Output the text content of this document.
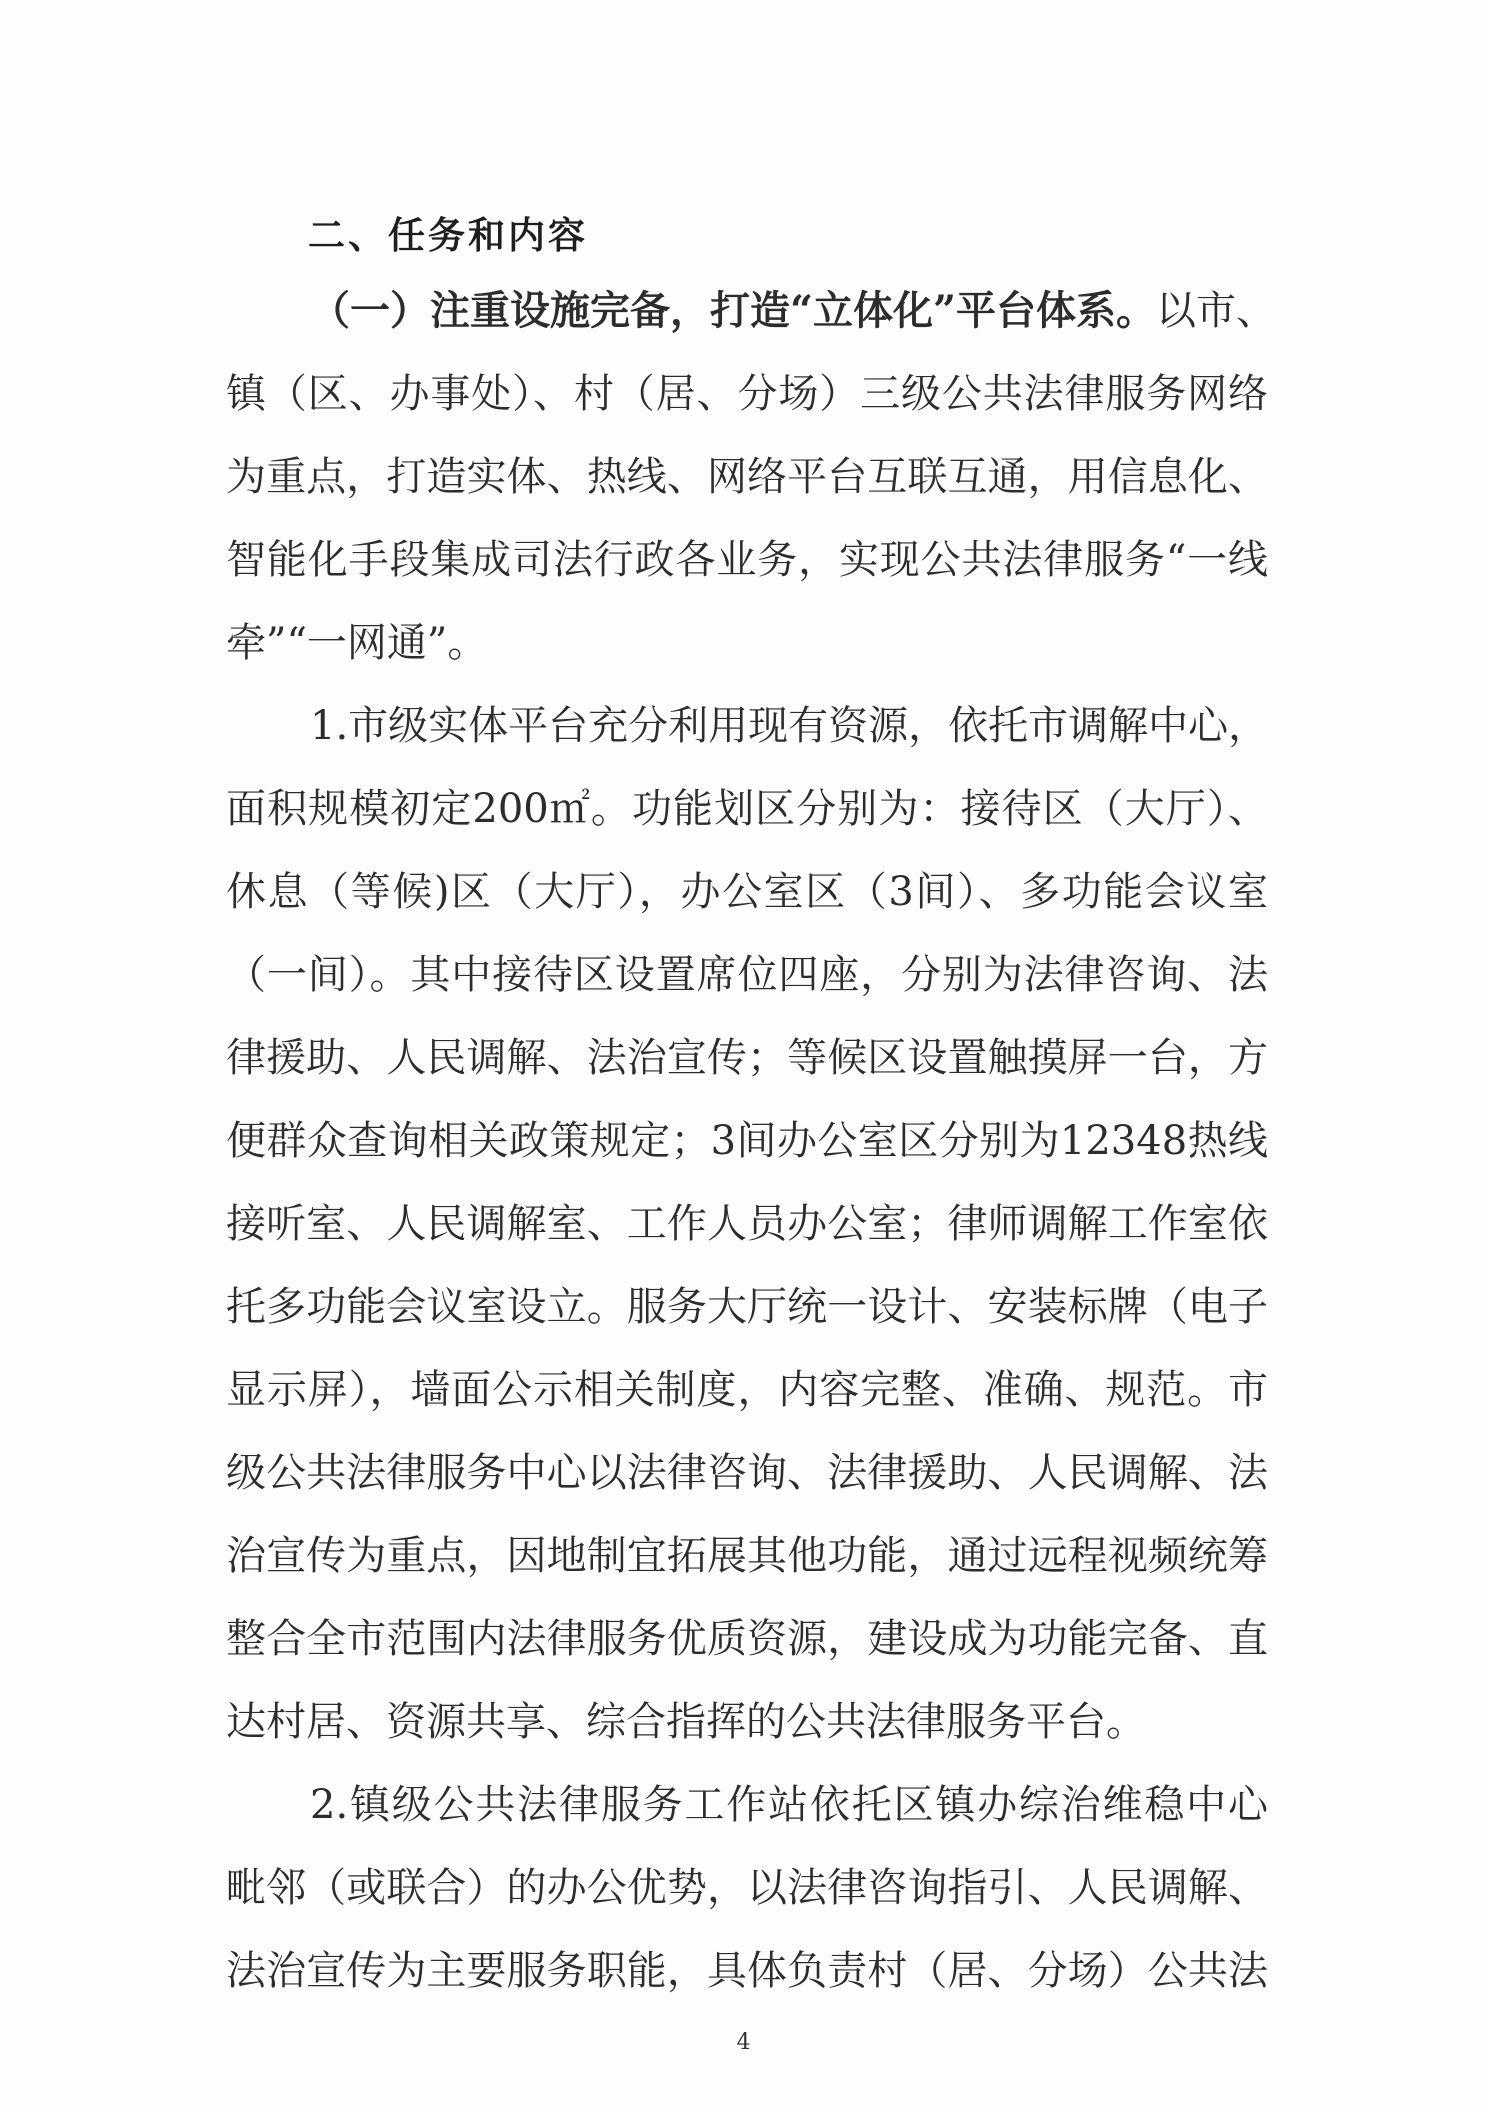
二、任务和内容

（一）注重设施完备，打造“立体化”平台体系。以市、

镇（区、办事处）、村（居、分场）三级公共法律服务网络

为重点，打造实体、热线、网络平台互联互通，用信息化、

智能化手段集成司法行政各业务，实现公共法律服务“一线

牵”“一网通”。

1.市级实体平台充分利用现有资源，依托市调解中心，

面积规模初定200㎡。功能划区分别为：接待区（大厅）、

休息（等候)区（大厅），办公室区（3间）、多功能会议室

（一间）。其中接待区设置席位四座，分别为法律咨询、法

律援助、人民调解、法治宣传；等候区设置触摸屏一台，方

便群众查询相关政策规定；3间办公室区分别为12348热线

接听室、人民调解室、工作人员办公室；律师调解工作室依

托多功能会议室设立。服务大厅统一设计、安装标牌（电子

显示屏），墙面公示相关制度，内容完整、准确、规范。市

级公共法律服务中心以法律咨询、法律援助、人民调解、法

治宣传为重点，因地制宜拓展其他功能，通过远程视频统筹

整合全市范围内法律服务优质资源，建设成为功能完备、直

达村居、资源共享、综合指挥的公共法律服务平台。

2.镇级公共法律服务工作站依托区镇办综治维稳中心

毗邻（或联合）的办公优势，以法律咨询指引、人民调解、

法治宣传为主要服务职能，具体负责村（居、分场）公共法

4
